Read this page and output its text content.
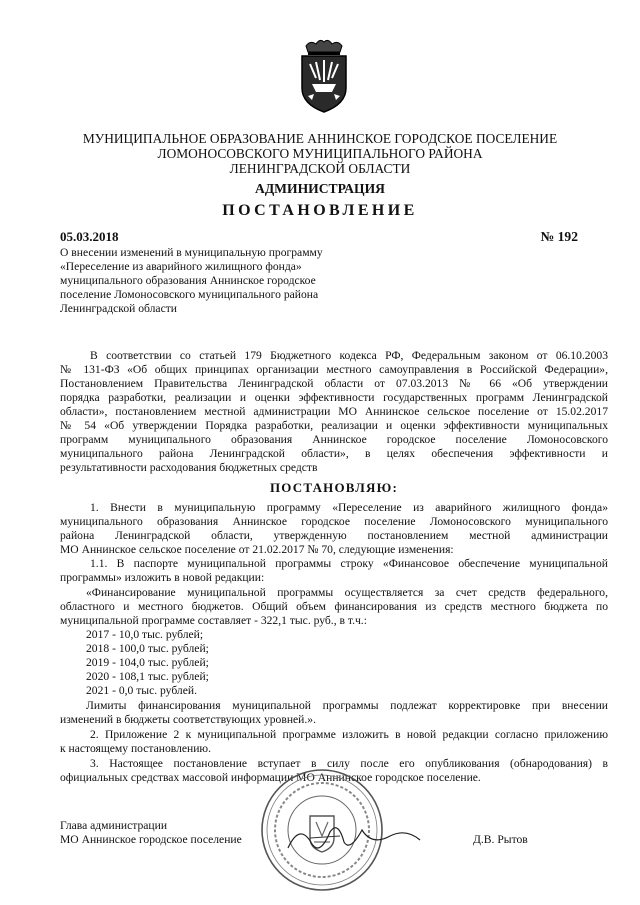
МУНИЦИПАЛЬНОЕ ОБРАЗОВАНИЕ АННИНСКОЕ ГОРОДСКОЕ ПОСЕЛЕНИЕ
ЛОМОНОСОВСКОГО МУНИЦИПАЛЬНОГО РАЙОНА
ЛЕНИНГРАДСКОЙ ОБЛАСТИ
АДМИНИСТРАЦИЯ
ПОСТАНОВЛЕНИЕ
05.03.2018	№ 192
О внесении изменений в муниципальную программу
«Переселение из аварийного жилищного фонда»
муниципального образования Аннинское городское
поселение Ломоносовского муниципального района
Ленинградской области
В соответствии со статьей 179 Бюджетного кодекса РФ, Федеральным законом от 06.10.2003
№ 131-ФЗ «Об общих принципах организации местного самоуправления в Российской Федерации»,
Постановлением Правительства Ленинградской области от 07.03.2013 № 66 «Об утверждении
порядка разработки, реализации и оценки эффективности государственных программ Ленинградской
области», постановлением местной администрации МО Аннинское сельское поселение от 15.02.2017
№ 54 «Об утверждении Порядка разработки, реализации и оценки эффективности муниципальных
программ муниципального образования Аннинское городское поселение Ломоносовского
муниципального района Ленинградской области», в целях обеспечения эффективности и
результативности расходования бюджетных средств
ПОСТАНОВЛЯЮ:
1. Внести в муниципальную программу «Переселение из аварийного жилищного фонда»
муниципального образования Аннинское городское поселение Ломоносовского муниципального
района Ленинградской области, утвержденную постановлением местной администрации
МО Аннинское сельское поселение от 21.02.2017 № 70, следующие изменения:
1.1. В паспорте муниципальной программы строку «Финансовое обеспечение муниципальной
программы» изложить в новой редакции:
«Финансирование муниципальной программы осуществляется за счет средств федерального,
областного и местного бюджетов. Общий объем финансирования из средств местного бюджета по
муниципальной программе составляет - 322,1 тыс. руб., в т.ч.:
2017 - 10,0 тыс. рублей;
2018 - 100,0 тыс. рублей;
2019 - 104,0 тыс. рублей;
2020 - 108,1 тыс. рублей;
2021 - 0,0 тыс. рублей.
Лимиты финансирования муниципальной программы подлежат корректировке при внесении
изменений в бюджеты соответствующих уровней.».
2. Приложение 2 к муниципальной программе изложить в новой редакции согласно приложению
к настоящему постановлению.
3. Настоящее постановление вступает в силу после его опубликования (обнародования) в
официальных средствах массовой информации МО Аннинское городское поселение.
Глава администрации
МО Аннинское городское поселение	Д.В. Рытов
